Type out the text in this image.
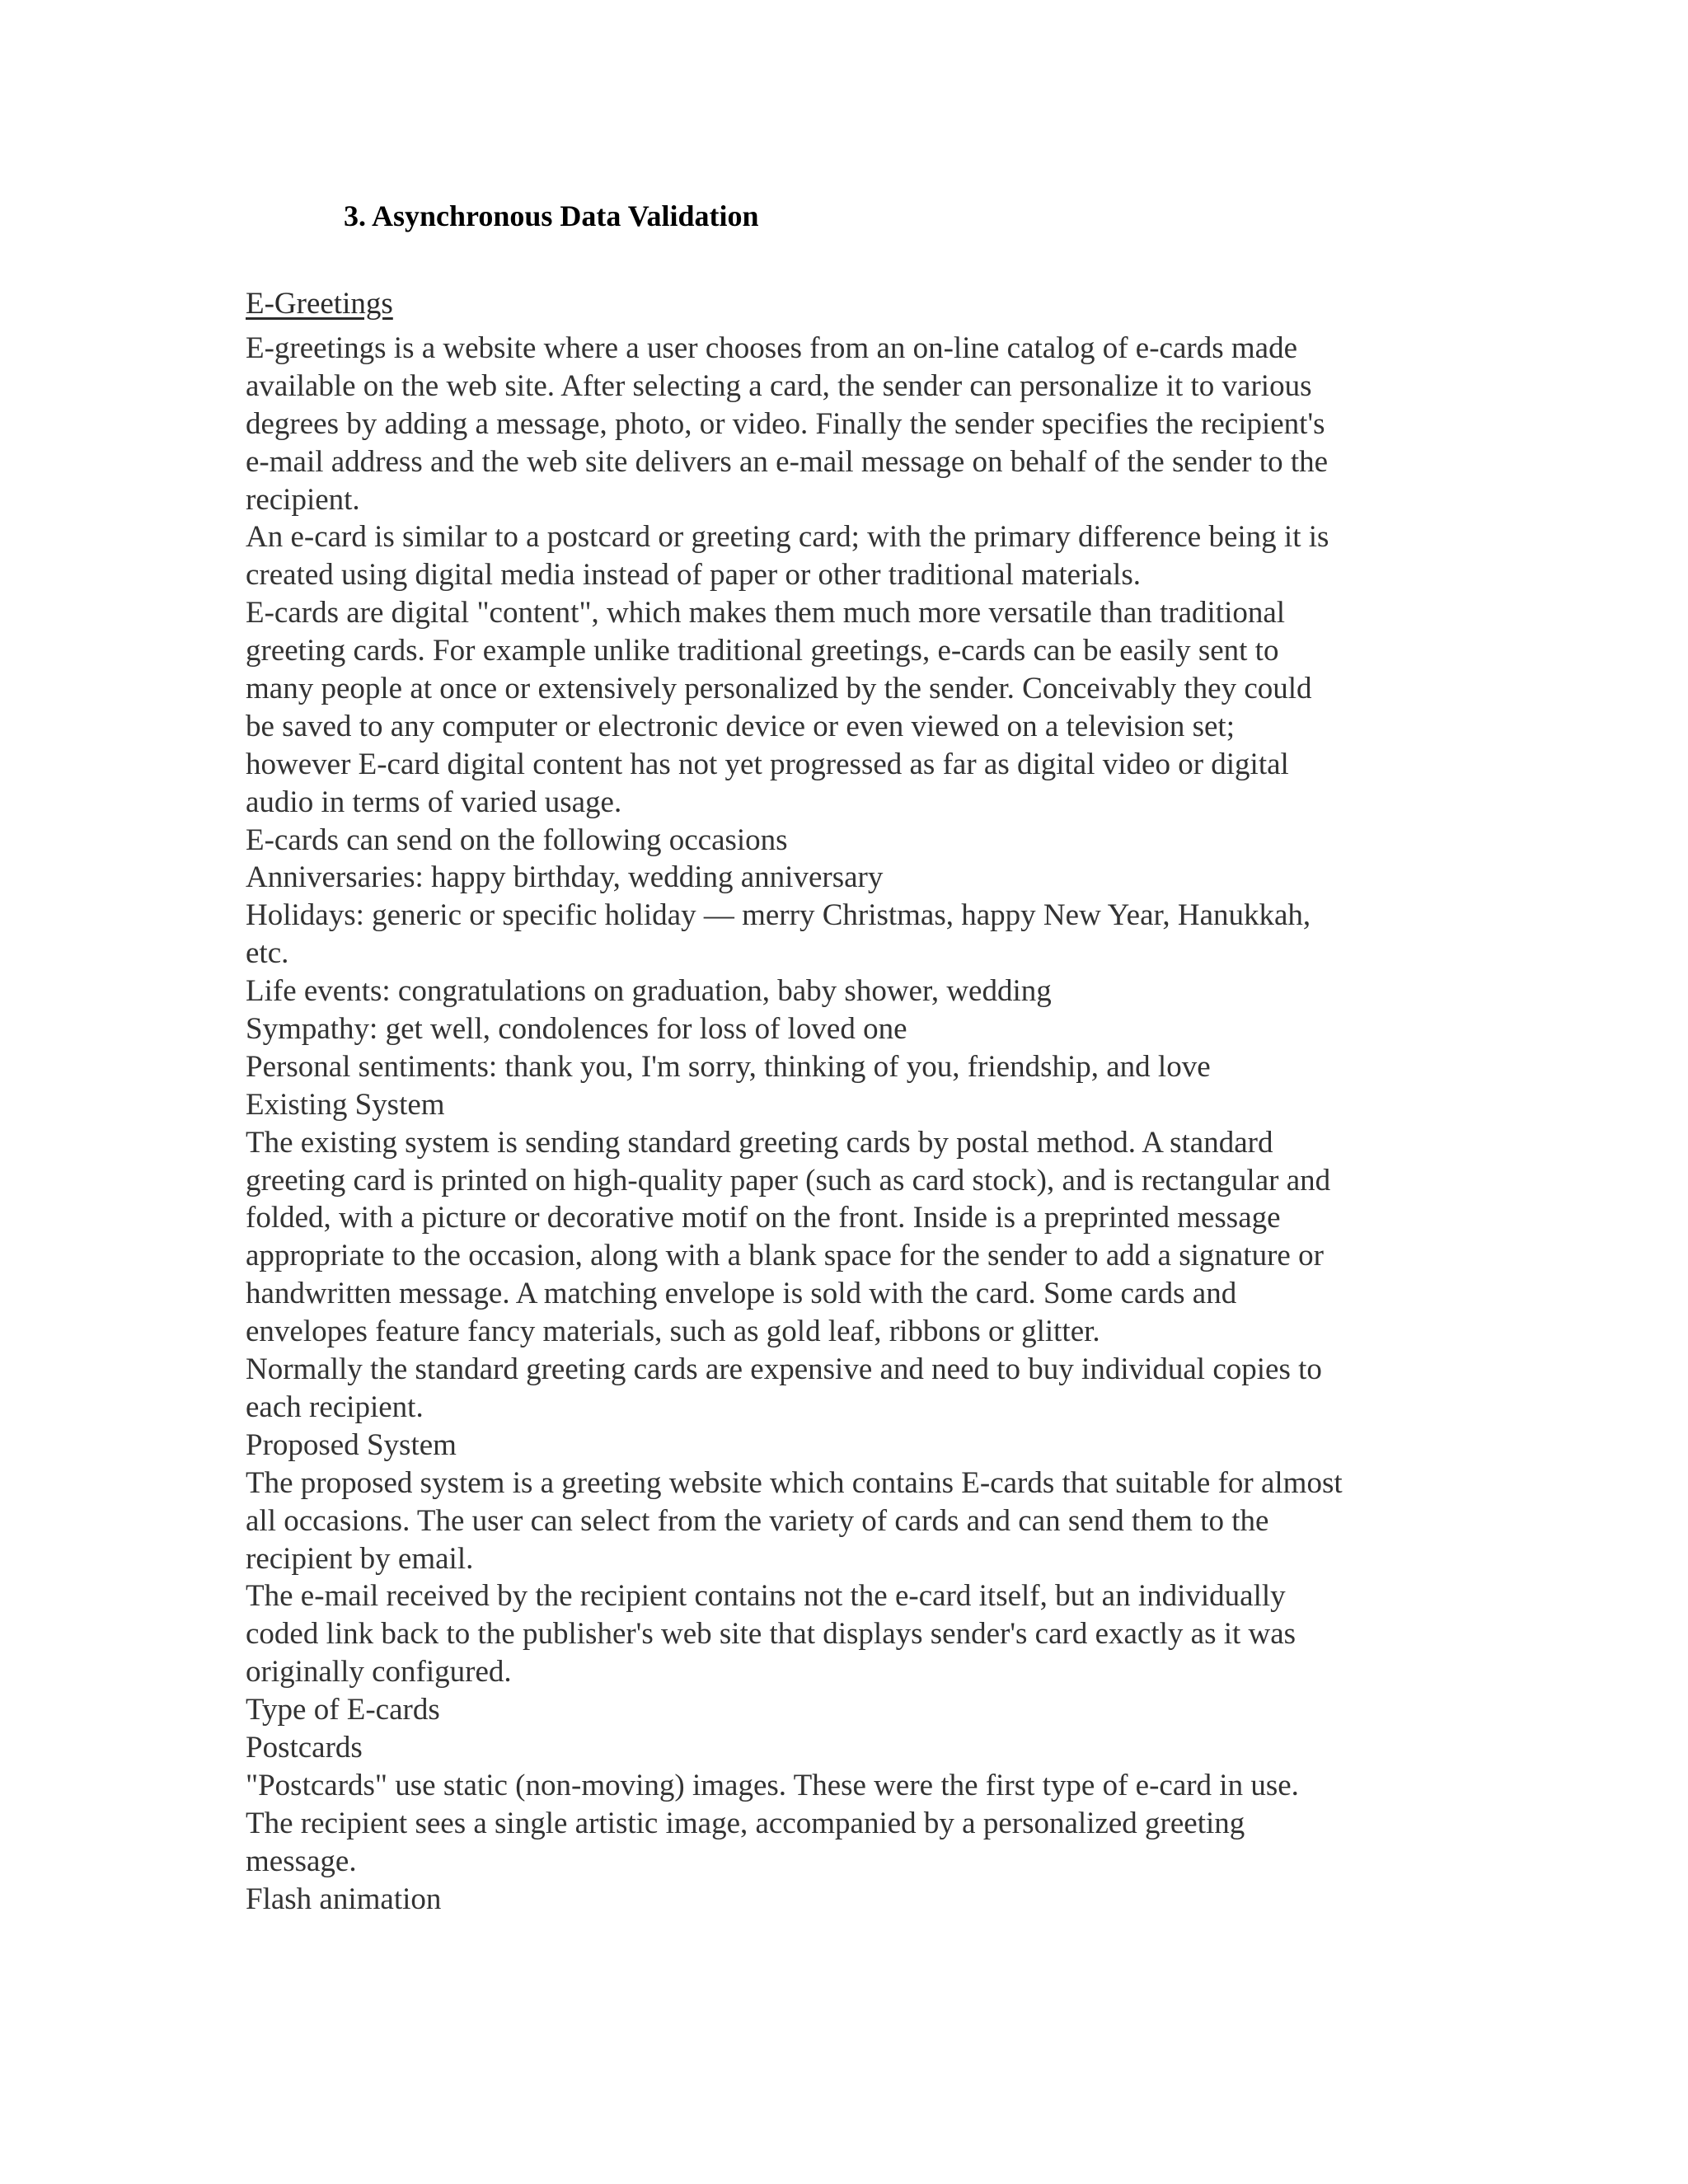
3. Asynchronous Data Validation
E-Greetings
E-greetings is a website where a user chooses from an on-line catalog of e-cards made
available on the web site. After selecting a card, the sender can personalize it to various
degrees by adding a message, photo, or video. Finally the sender specifies the recipient's
e-mail address and the web site delivers an e-mail message on behalf of the sender to the
recipient.
An e-card is similar to a postcard or greeting card; with the primary difference being it is
created using digital media instead of paper or other traditional materials.
E-cards are digital "content", which makes them much more versatile than traditional
greeting cards. For example unlike traditional greetings, e-cards can be easily sent to
many people at once or extensively personalized by the sender. Conceivably they could
be saved to any computer or electronic device or even viewed on a television set;
however E-card digital content has not yet progressed as far as digital video or digital
audio in terms of varied usage.
E-cards can send on the following occasions
Anniversaries: happy birthday, wedding anniversary
Holidays: generic or specific holiday — merry Christmas, happy New Year, Hanukkah,
etc.
Life events: congratulations on graduation, baby shower, wedding
Sympathy: get well, condolences for loss of loved one
Personal sentiments: thank you, I'm sorry, thinking of you, friendship, and love
Existing System
The existing system is sending standard greeting cards by postal method. A standard
greeting card is printed on high-quality paper (such as card stock), and is rectangular and
folded, with a picture or decorative motif on the front. Inside is a preprinted message
appropriate to the occasion, along with a blank space for the sender to add a signature or
handwritten message. A matching envelope is sold with the card. Some cards and
envelopes feature fancy materials, such as gold leaf, ribbons or glitter.
Normally the standard greeting cards are expensive and need to buy individual copies to
each recipient.
Proposed System
The proposed system is a greeting website which contains E-cards that suitable for almost
all occasions. The user can select from the variety of cards and can send them to the
recipient by email.
The e-mail received by the recipient contains not the e-card itself, but an individually
coded link back to the publisher's web site that displays sender's card exactly as it was
originally configured.
Type of E-cards
Postcards
"Postcards" use static (non-moving) images. These were the first type of e-card in use.
The recipient sees a single artistic image, accompanied by a personalized greeting
message.
Flash animation
